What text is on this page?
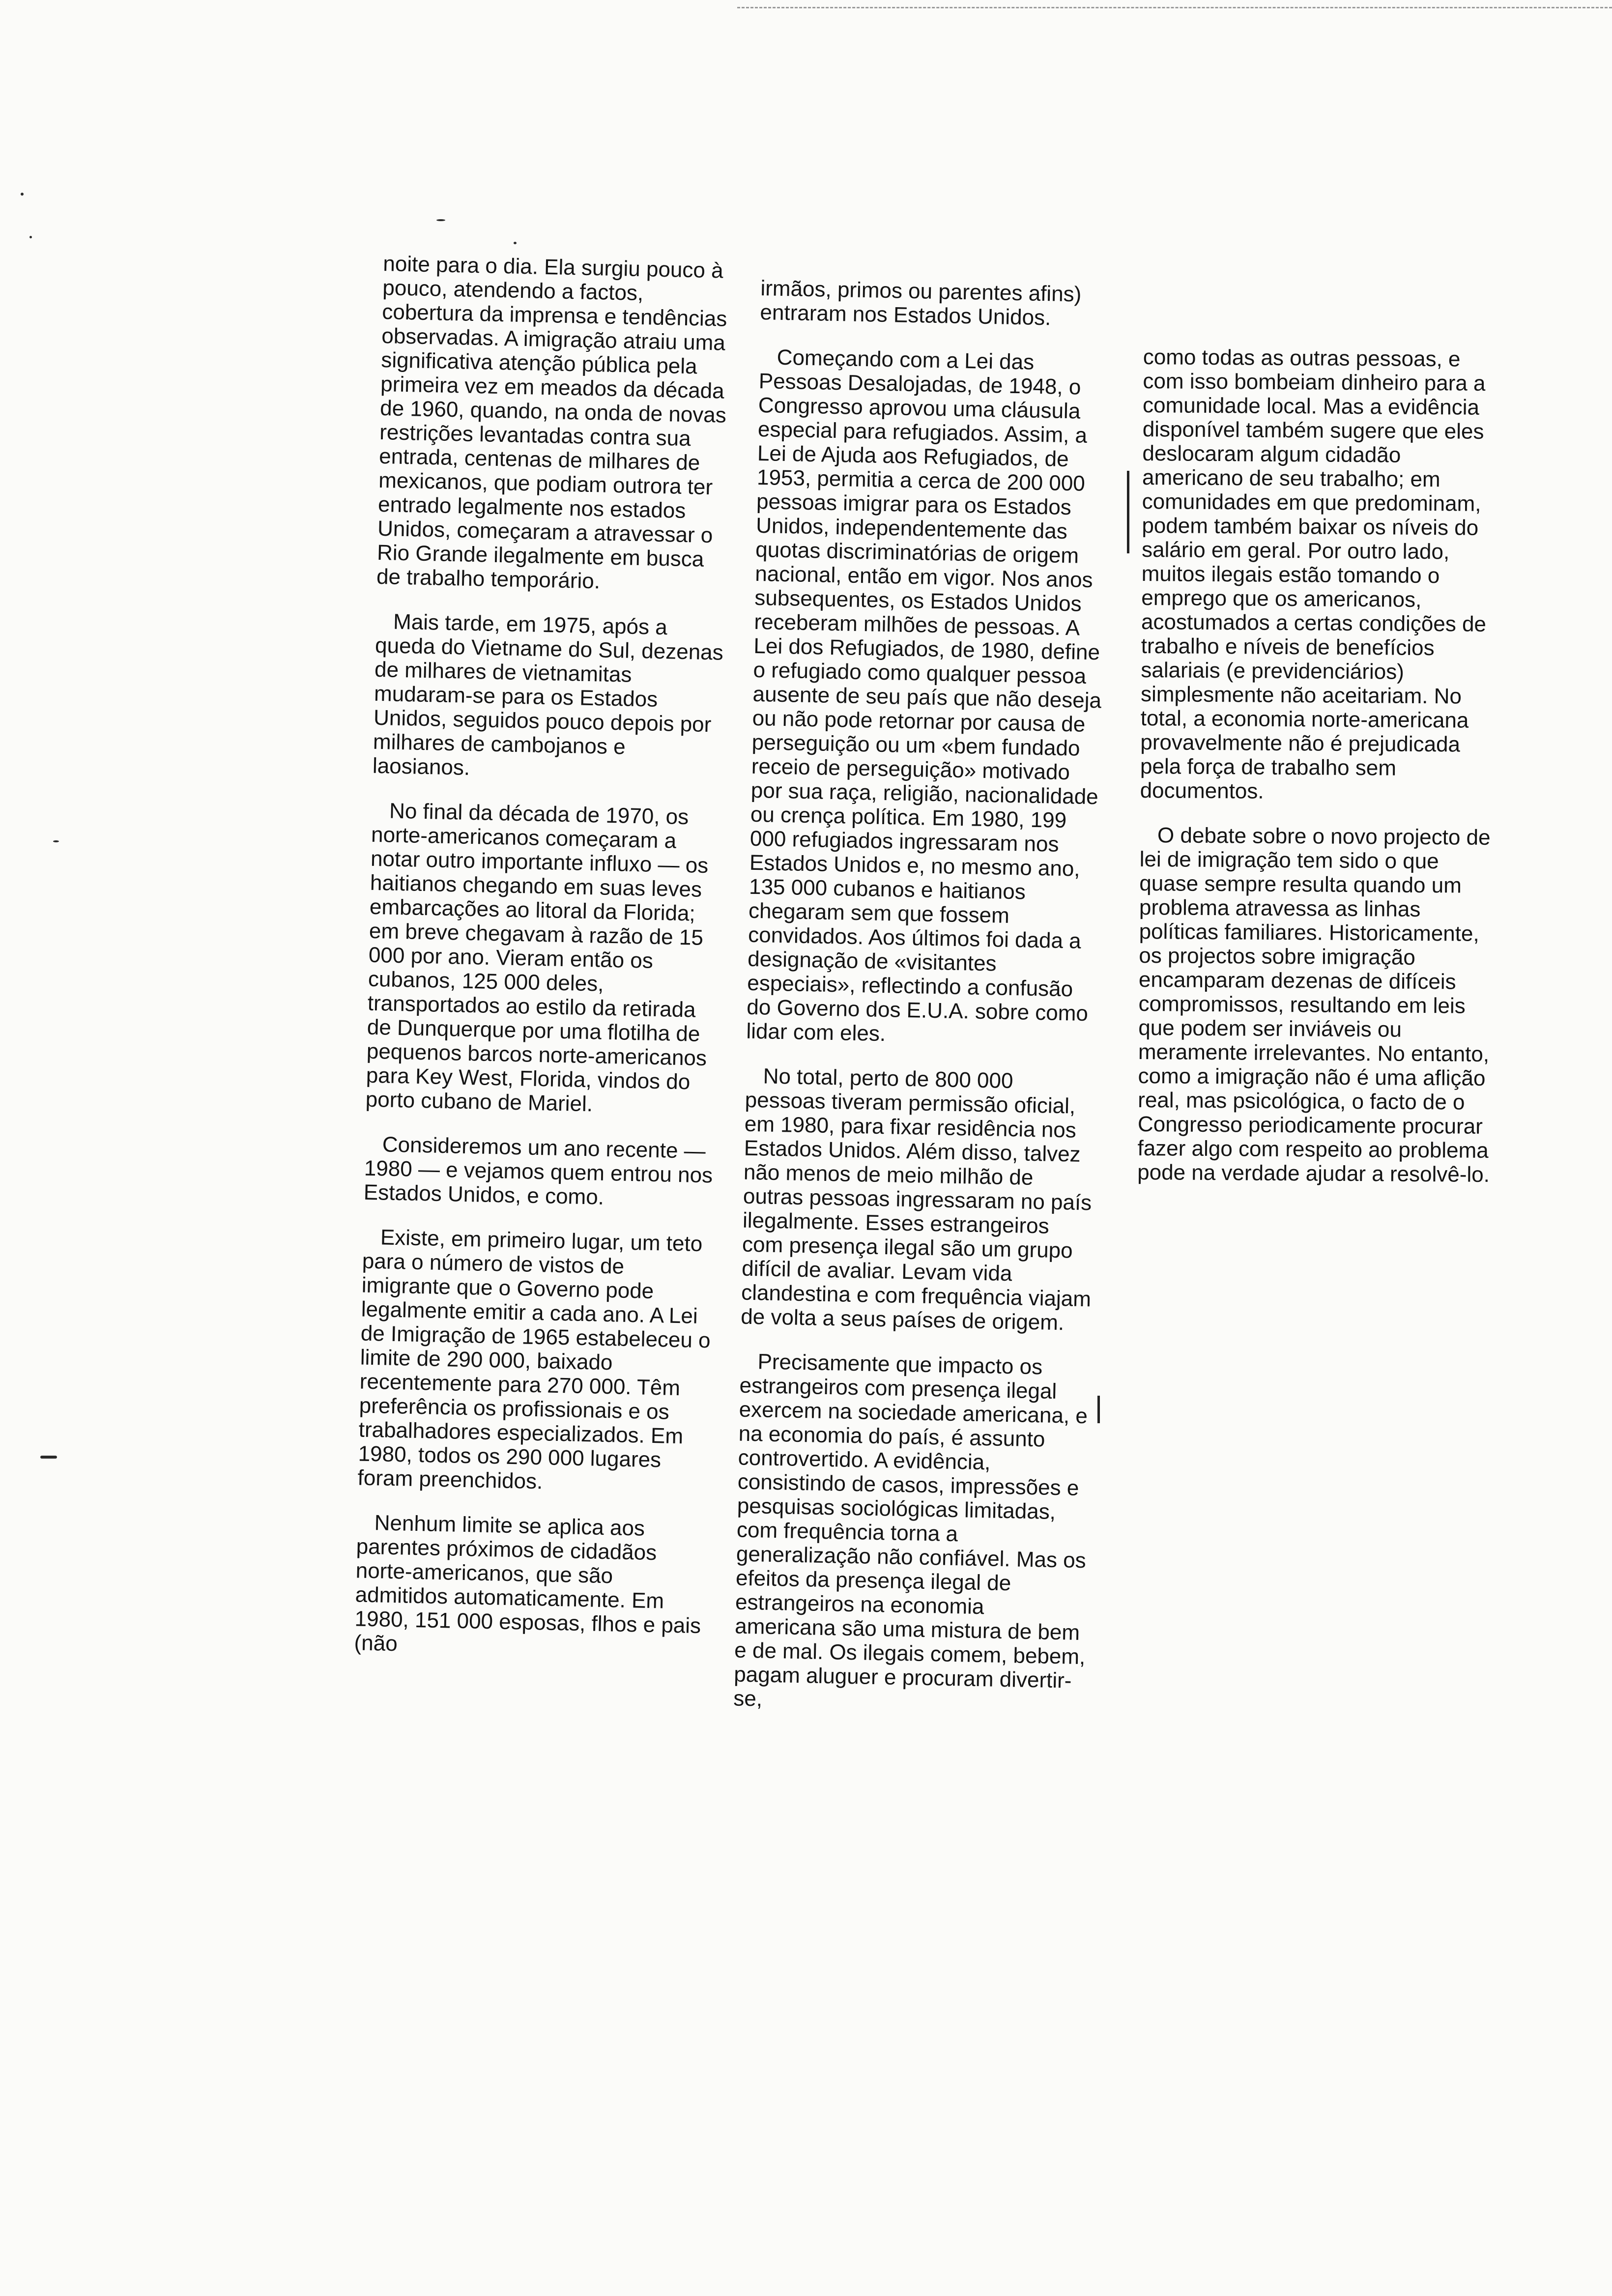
noite para o dia. Ela surgiu pouco à pouco, atendendo a factos, cobertura da imprensa e tendências observadas. A imigração atraiu uma significativa atenção pública pela primeira vez em meados da década de 1960, quando, na onda de novas restrições levantadas contra sua entrada, centenas de milhares de mexicanos, que podiam outrora ter entrado legalmente nos estados Unidos, começaram a atravessar o Rio Grande ilegalmente em busca de trabalho temporário.

Mais tarde, em 1975, após a queda do Vietname do Sul, dezenas de milhares de vietnamitas mudaram-se para os Estados Unidos, seguidos pouco depois por milhares de cambojanos e laosianos.

No final da década de 1970, os norte-americanos começaram a notar outro importante influxo — os haitianos chegando em suas leves embarcações ao litoral da Florida; em breve chegavam à razão de 15 000 por ano. Vieram então os cubanos, 125 000 deles, transportados ao estilo da retirada de Dunquerque por uma flotilha de pequenos barcos norte-americanos para Key West, Florida, vindos do porto cubano de Mariel.

Consideremos um ano recente — 1980 — e vejamos quem entrou nos Estados Unidos, e como.

Existe, em primeiro lugar, um teto para o número de vistos de imigrante que o Governo pode legalmente emitir a cada ano. A Lei de Imigração de 1965 estabeleceu o limite de 290 000, baixado recentemente para 270 000. Têm preferência os profissionais e os trabalhadores especializados. Em 1980, todos os 290 000 lugares foram preenchidos.

Nenhum limite se aplica aos parentes próximos de cidadãos norte-americanos, que são admitidos automaticamente. Em 1980, 151 000 esposas, flhos e pais (não

irmãos, primos ou parentes afins) entraram nos Estados Unidos.

Começando com a Lei das Pessoas Desalojadas, de 1948, o Congresso aprovou uma cláusula especial para refugiados. Assim, a Lei de Ajuda aos Refugiados, de 1953, permitia a cerca de 200 000 pessoas imigrar para os Estados Unidos, independentemente das quotas discriminatórias de origem nacional, então em vigor. Nos anos subsequentes, os Estados Unidos receberam milhões de pessoas. A Lei dos Refugiados, de 1980, define o refugiado como qualquer pessoa ausente de seu país que não deseja ou não pode retornar por causa de perseguição ou um «bem fundado receio de perseguição» motivado por sua raça, religião, nacionalidade ou crença política. Em 1980, 199 000 refugiados ingressaram nos Estados Unidos e, no mesmo ano, 135 000 cubanos e haitianos chegaram sem que fossem convidados. Aos últimos foi dada a designação de «visitantes especiais», reflectindo a confusão do Governo dos E.U.A. sobre como lidar com eles.

No total, perto de 800 000 pessoas tiveram permissão oficial, em 1980, para fixar residência nos Estados Unidos. Além disso, talvez não menos de meio milhão de outras pessoas ingressaram no país ilegalmente. Esses estrangeiros com presença ilegal são um grupo difícil de avaliar. Levam vida clandestina e com frequência viajam de volta a seus países de origem.

Precisamente que impacto os estrangeiros com presença ilegal exercem na sociedade americana, e na economia do país, é assunto controvertido. A evidência, consistindo de casos, impressões e pesquisas sociológicas limitadas, com frequência torna a generalização não confiável. Mas os efeitos da presença ilegal de estrangeiros na economia americana são uma mistura de bem e de mal. Os ilegais comem, bebem, pagam aluguer e procuram divertir-se,

como todas as outras pessoas, e com isso bombeiam dinheiro para a comunidade local. Mas a evidência disponível também sugere que eles deslocaram algum cidadão americano de seu trabalho; em comunidades em que predominam, podem também baixar os níveis do salário em geral. Por outro lado, muitos ilegais estão tomando o emprego que os americanos, acostumados a certas condições de trabalho e níveis de benefícios salariais (e previdenciários) simplesmente não aceitariam. No total, a economia norte-americana provavelmente não é prejudicada pela força de trabalho sem documentos.

O debate sobre o novo projecto de lei de imigração tem sido o que quase sempre resulta quando um problema atravessa as linhas políticas familiares. Historicamente, os projectos sobre imigração encamparam dezenas de difíceis compromissos, resultando em leis que podem ser inviáveis ou meramente irrelevantes. No entanto, como a imigração não é uma aflição real, mas psicológica, o facto de o Congresso periodicamente procurar fazer algo com respeito ao problema pode na verdade ajudar a resolvê-lo.
